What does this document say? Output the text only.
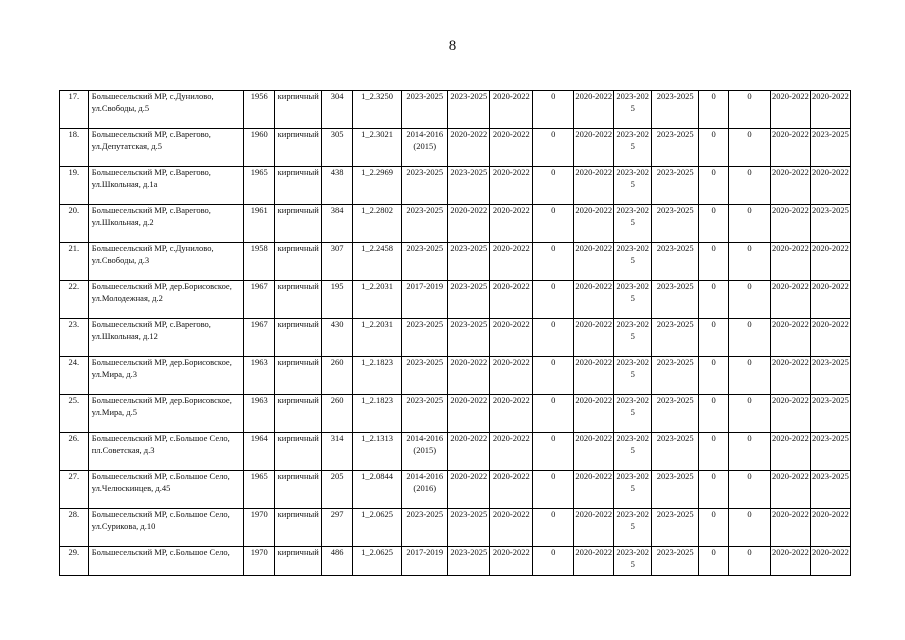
8
17.	Большесельский МР, с.Дунилово, ул.Свободы, д.5	1956	кирпичный	304	1_2.3250	2023-2025	2023-2025	2020-2022	0	2020-2022	2023-2025	2023-2025	0	0	2020-2022	2020-2022
18.	Большесельский МР, с.Варегово, ул.Депутатская, д.5	1960	кирпичный	305	1_2.3021	2014-2016 (2015)	2020-2022	2020-2022	0	2020-2022	2023-2025	2023-2025	0	0	2020-2022	2023-2025
19.	Большесельский МР, с.Варегово, ул.Школьная, д.1а	1965	кирпичный	438	1_2.2969	2023-2025	2023-2025	2020-2022	0	2020-2022	2023-2025	2023-2025	0	0	2020-2022	2020-2022
20.	Большесельский МР, с.Варегово, ул.Школьная, д.2	1961	кирпичный	384	1_2.2802	2023-2025	2020-2022	2020-2022	0	2020-2022	2023-2025	2023-2025	0	0	2020-2022	2023-2025
21.	Большесельский МР, с.Дунилово, ул.Свободы, д.3	1958	кирпичный	307	1_2.2458	2023-2025	2023-2025	2020-2022	0	2020-2022	2023-2025	2023-2025	0	0	2020-2022	2020-2022
22.	Большесельский МР, дер.Борисовское, ул.Молодежная, д.2	1967	кирпичный	195	1_2.2031	2017-2019	2023-2025	2020-2022	0	2020-2022	2023-2025	2023-2025	0	0	2020-2022	2020-2022
23.	Большесельский МР, с.Варегово, ул.Школьная, д.12	1967	кирпичный	430	1_2.2031	2023-2025	2023-2025	2020-2022	0	2020-2022	2023-2025	2023-2025	0	0	2020-2022	2020-2022
24.	Большесельский МР, дер.Борисовское, ул.Мира, д.3	1963	кирпичный	260	1_2.1823	2023-2025	2020-2022	2020-2022	0	2020-2022	2023-2025	2023-2025	0	0	2020-2022	2023-2025
25.	Большесельский МР, дер.Борисовское, ул.Мира, д.5	1963	кирпичный	260	1_2.1823	2023-2025	2020-2022	2020-2022	0	2020-2022	2023-2025	2023-2025	0	0	2020-2022	2023-2025
26.	Большесельский МР, с.Большое Село, пл.Советская, д.3	1964	кирпичный	314	1_2.1313	2014-2016 (2015)	2020-2022	2020-2022	0	2020-2022	2023-2025	2023-2025	0	0	2020-2022	2023-2025
27.	Большесельский МР, с.Большое Село, ул.Челюскинцев, д.45	1965	кирпичный	205	1_2.0844	2014-2016 (2016)	2020-2022	2020-2022	0	2020-2022	2023-2025	2023-2025	0	0	2020-2022	2023-2025
28.	Большесельский МР, с.Большое Село, ул.Суриковa, д.10	1970	кирпичный	297	1_2.0625	2023-2025	2023-2025	2020-2022	0	2020-2022	2023-2025	2023-2025	0	0	2020-2022	2020-2022
29.	Большесельский МР, с.Большое Село,	1970	кирпичный	486	1_2.0625	2017-2019	2023-2025	2020-2022	0	2020-2022	2023-2025	2023-2025	0	0	2020-2022	2020-2022
